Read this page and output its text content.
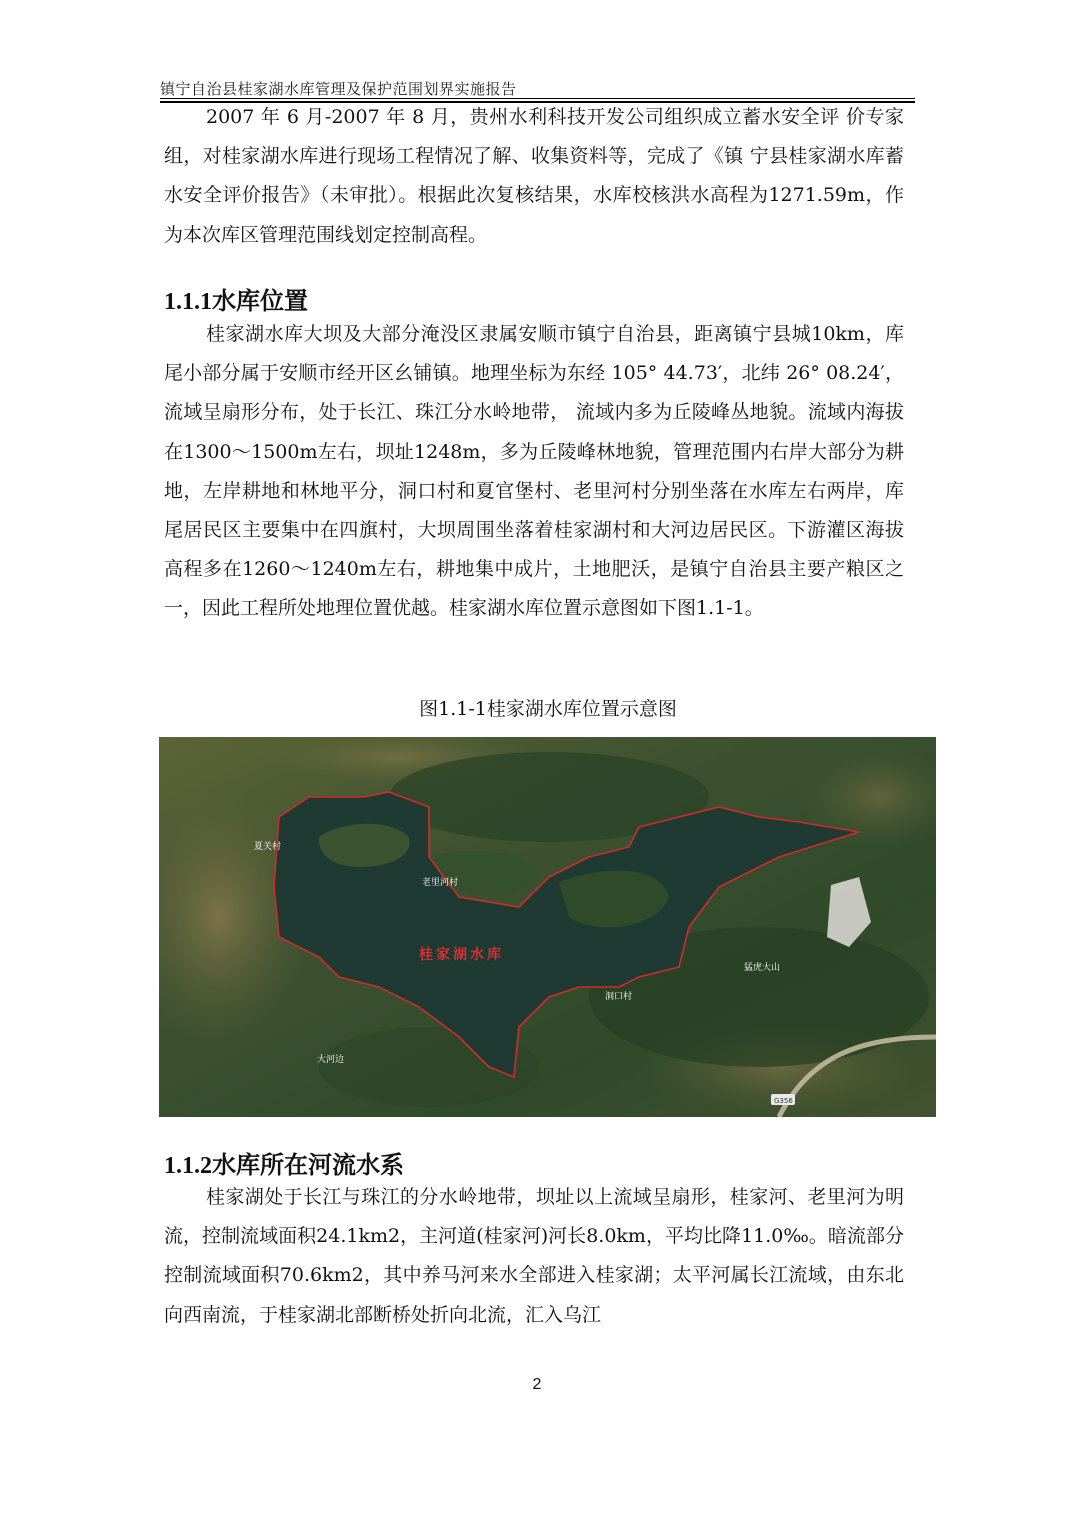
镇宁自治县桂家湖水库管理及保护范围划界实施报告
2007 年 6 月-2007 年 8 月，贵州水利科技开发公司组织成立蓄水安全评 价专家组，对桂家湖水库进行现场工程情况了解、收集资料等，完成了《镇 宁县桂家湖水库蓄水安全评价报告》（未审批）。根据此次复核结果，水库校核洪水高程为1271.59m，作为本次库区管理范围线划定控制高程。
1.1.1水库位置
桂家湖水库大坝及大部分淹没区隶属安顺市镇宁自治县，距离镇宁县城10km，库尾小部分属于安顺市经开区幺铺镇。地理坐标为东经 105° 44.73′，北纬 26° 08.24′，流域呈扇形分布，处于长江、珠江分水岭地带， 流域内多为丘陵峰丛地貌。流域内海拔在1300～1500m左右，坝址1248m，多为丘陵峰林地貌，管理范围内右岸大部分为耕地，左岸耕地和林地平分，洞口村和夏官堡村、老里河村分别坐落在水库左右两岸，库尾居民区主要集中在四旗村，大坝周围坐落着桂家湖村和大河边居民区。下游灌区海拔高程多在1260～1240m左右，耕地集中成片，土地肥沃，是镇宁自治县主要产粮区之一，因此工程所处地理位置优越。桂家湖水库位置示意图如下图1.1-1。
图1.1-1桂家湖水库位置示意图
夏关村
老里河村
桂家湖水库
洞口村
大河边
猛虎大山
G356
1.1.2水库所在河流水系
桂家湖处于长江与珠江的分水岭地带，坝址以上流域呈扇形，桂家河、老里河为明流，控制流域面积24.1km2，主河道(桂家河)河长8.0km，平均比降11.0‰。暗流部分控制流域面积70.6km2，其中养马河来水全部进入桂家湖；太平河属长江流域，由东北向西南流，于桂家湖北部断桥处折向北流，汇入乌江
2
